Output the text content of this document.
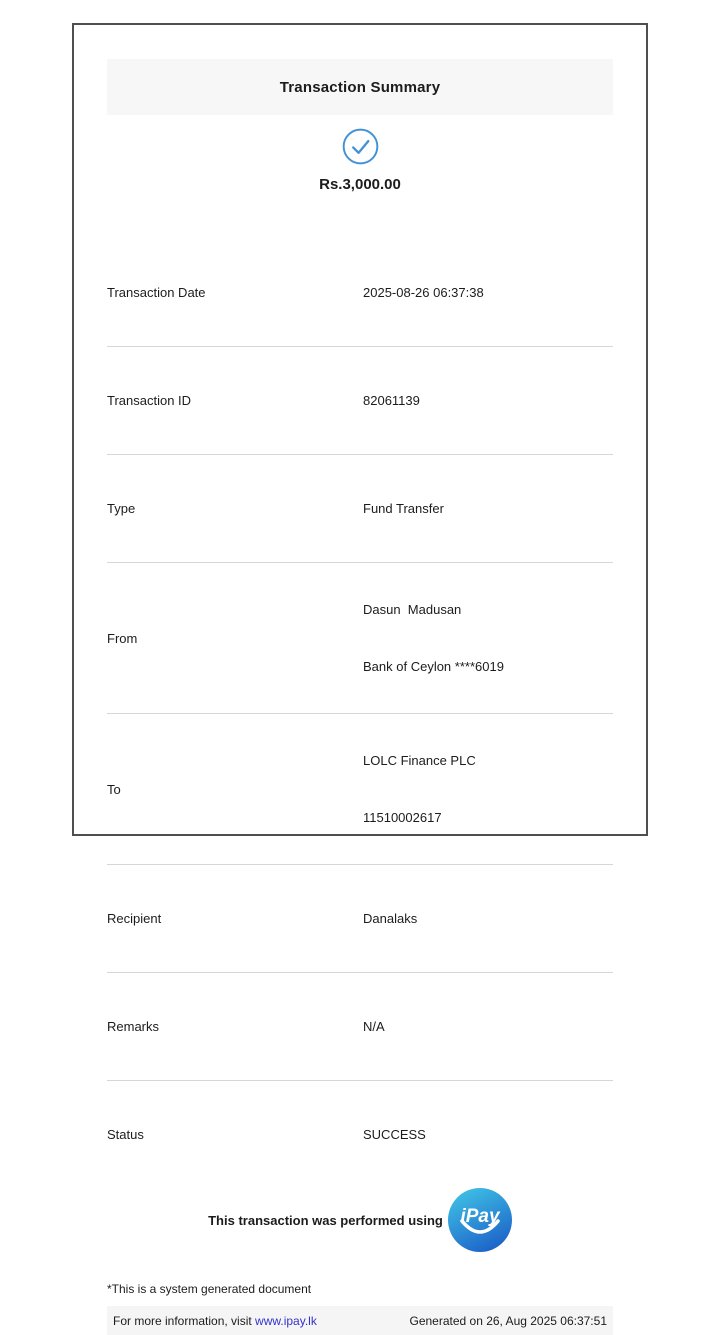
Transaction Summary
Rs.3,000.00
Transaction Date

	2025-08-26 06:37:38

Transaction ID

	82061139

Type

	Fund Transfer

From

Dasun  Madusan

Bank of Ceylon ****6019

To

LOLC Finance PLC

11510002617

Recipient

	Danalaks

Remarks

	N/A

Status

	SUCCESS

This transaction was performed using iPay
*This is a system generated document
For more information, visit www.ipay.lk	Generated on 26, Aug 2025 06:37:51
